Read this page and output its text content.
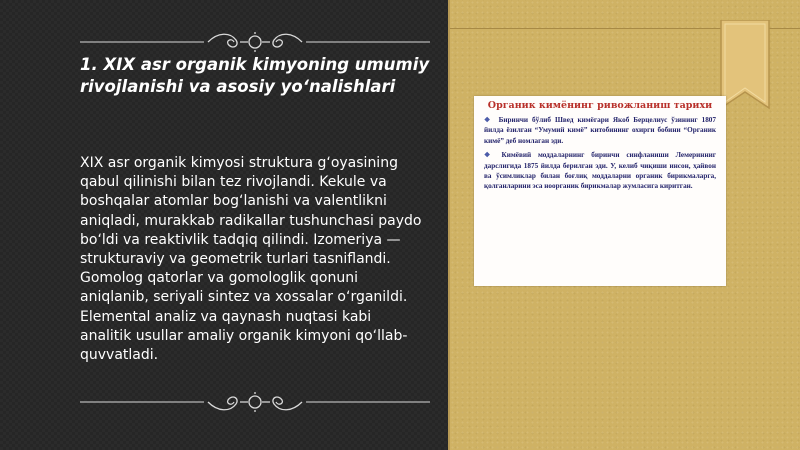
1. XIX asr organik kimyoning umumiy rivojlanishi va asosiy yo‘nalishlari

XIX asr organik kimyosi struktura g‘oyasining qabul qilinishi bilan tez rivojlandi. Kekule va boshqalar atomlar bog‘lanishi va valentlikni aniqladi, murakkab radikallar tushunchasi paydo bo‘ldi va reaktivlik tadqiq qilindi. Izomeriya — strukturaviy va geometrik turlari tasniflandi. Gomolog qatorlar va gomologlik qonuni aniqlanib, seriyali sintez va xossalar o‘rganildi. Elemental analiz va qaynash nuqtasi kabi analitik usullar amaliy organik kimyoni qo‘llab-quvvatladi.

Органик кимёнинг ривожланиш тарихи
❖ Биринчи бўлиб Швед кимёгари Якоб Берцелиус ўзининг 1807 йилда ёзилган “Умумий кимё” китобининг охирги бобини “Органик кимё” деб номлаган эди.
❖ Кимёвий моддаларнинг биринчи синфланиши Лемеринниг дарслигида 1875 йилда берилган эди. У, келиб чиқиши инсон, ҳайвон ва ўсимликлар билан боғлиқ моддаларни органик бирикмаларга, қолганларини эса ноорганик бирикмалар жумласига киритган.
